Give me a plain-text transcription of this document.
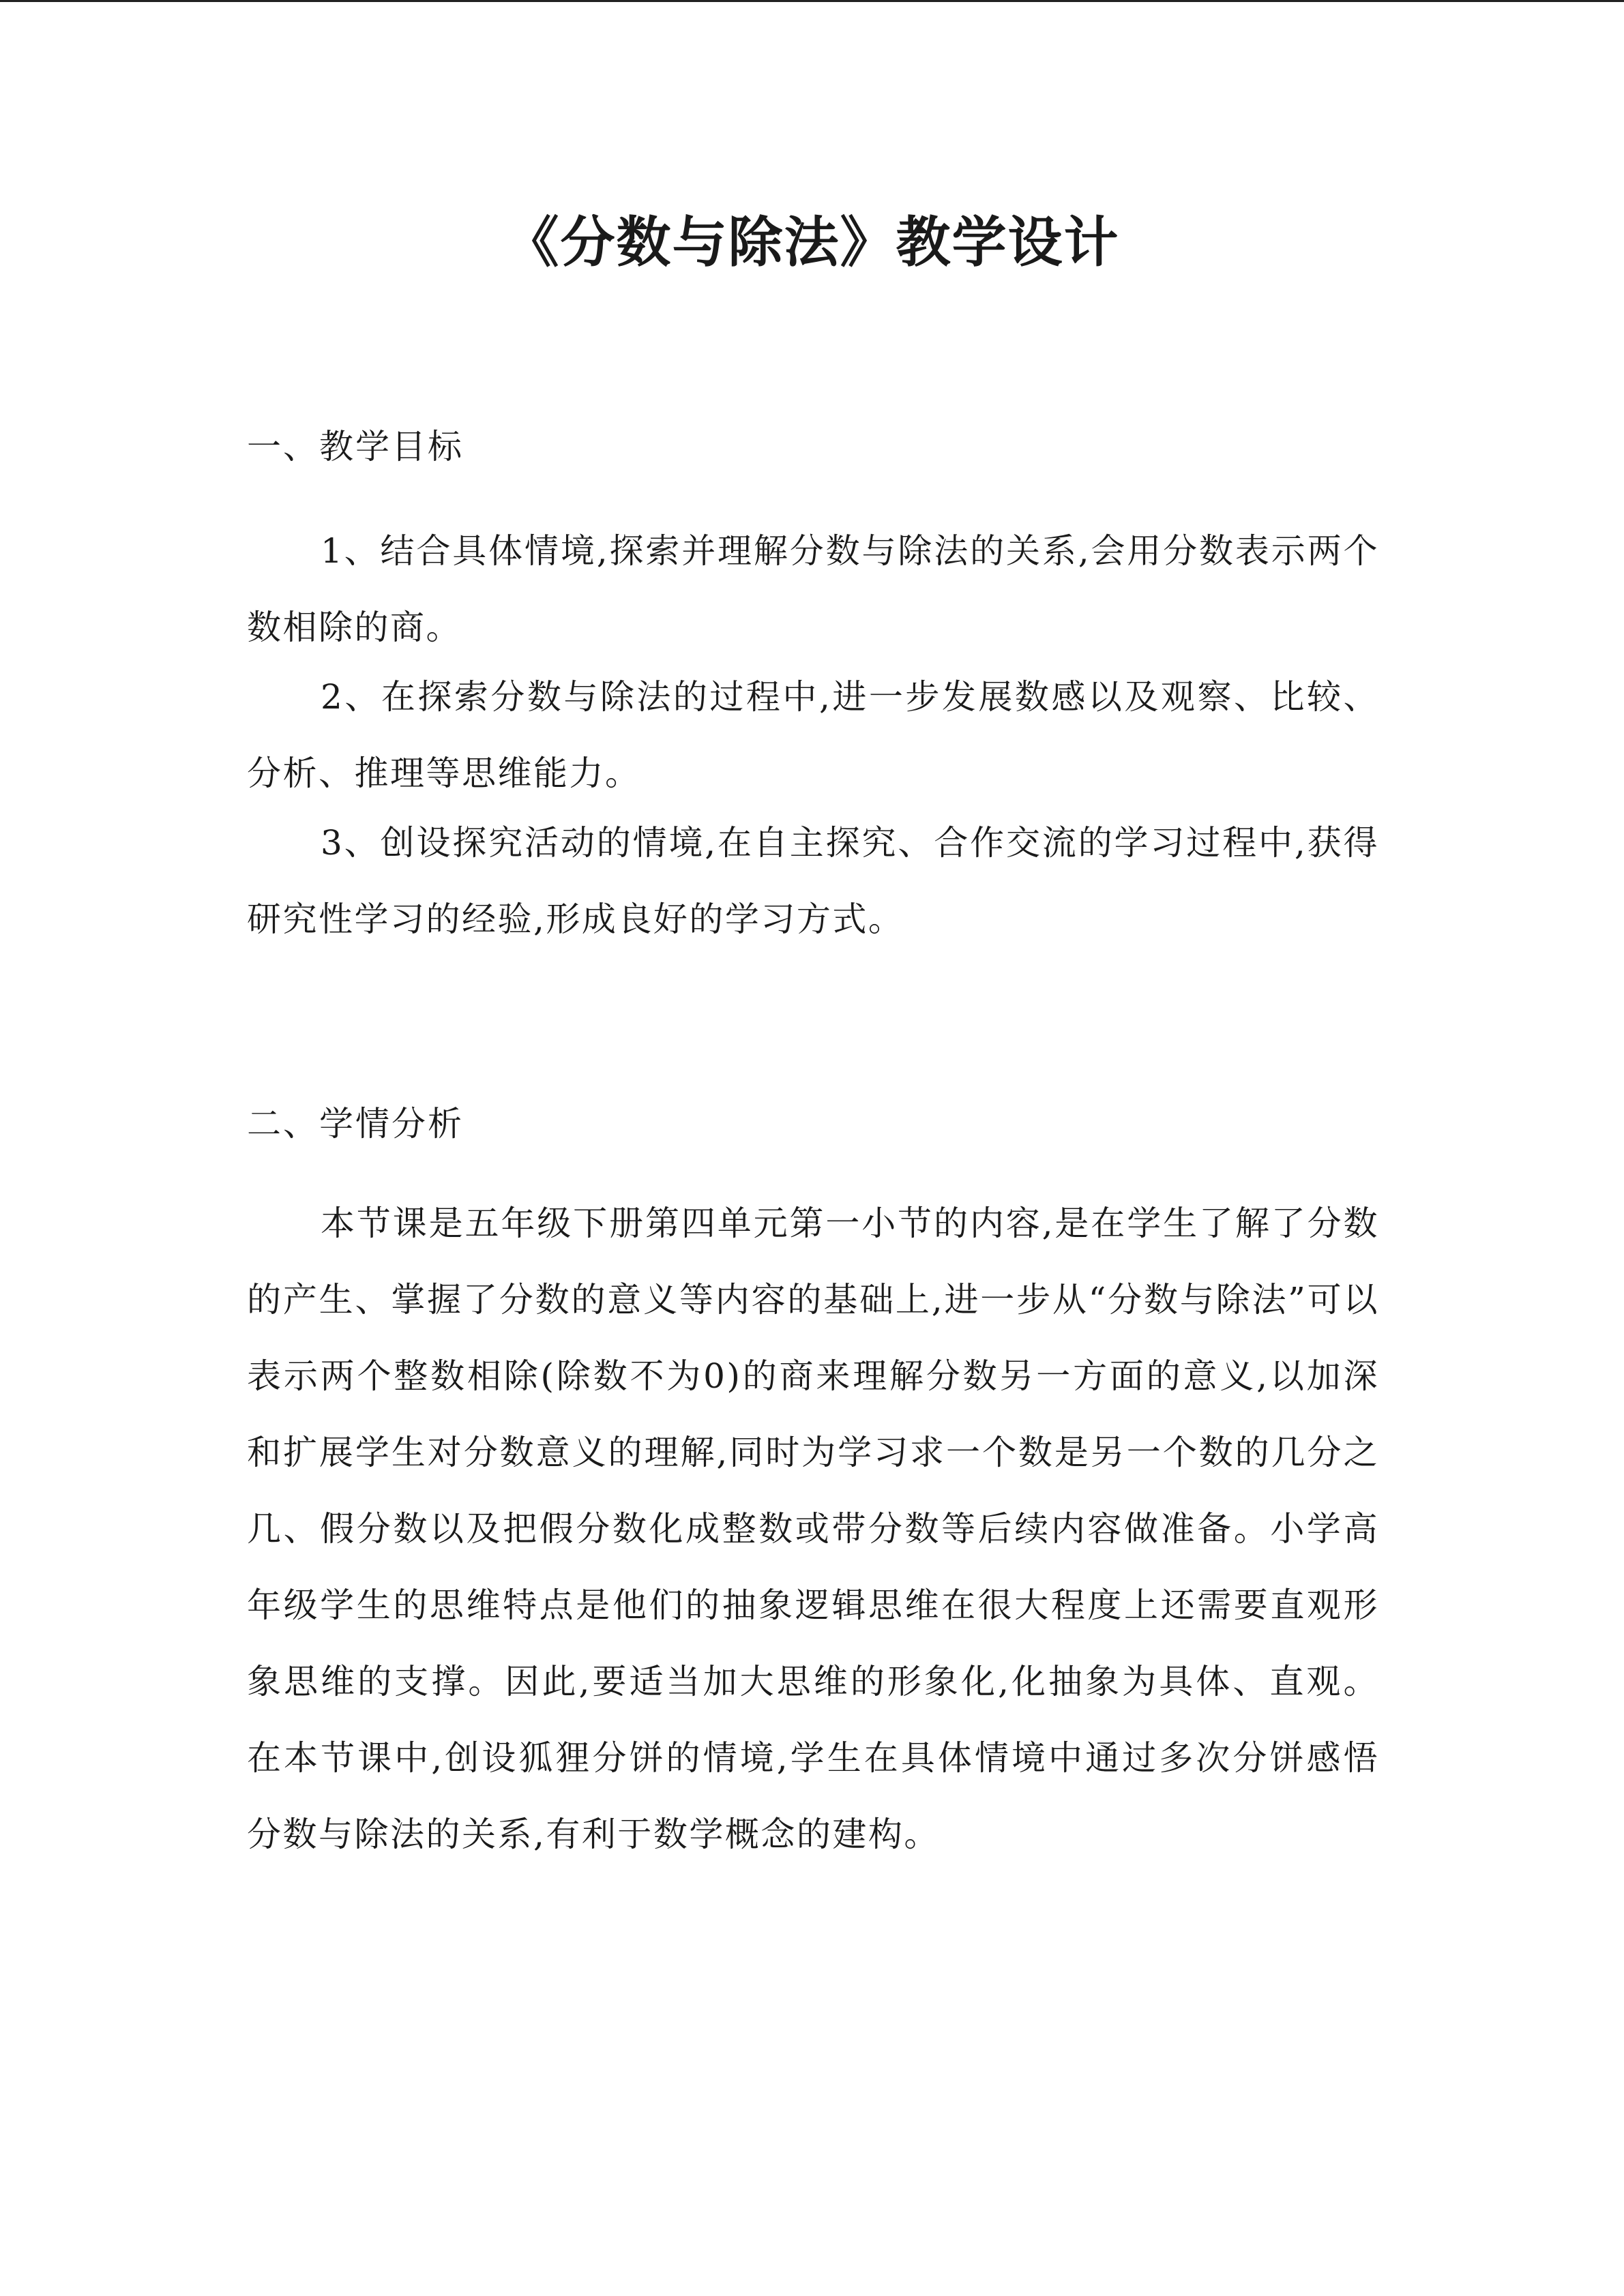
《分数与除法》教学设计
一、教学目标

1、结合具体情境,探索并理解分数与除法的关系,会用分数表示两个数相除的商。

2、在探索分数与除法的过程中,进一步发展数感以及观察、比较、分析、推理等思维能力。

3、创设探究活动的情境,在自主探究、合作交流的学习过程中,获得研究性学习的经验,形成良好的学习方式。

二、学情分析

本节课是五年级下册第四单元第一小节的内容,是在学生了解了分数的产生、掌握了分数的意义等内容的基础上,进一步从“分数与除法”可以表示两个整数相除(除数不为0)的商来理解分数另一方面的意义,以加深和扩展学生对分数意义的理解,同时为学习求一个数是另一个数的几分之几、假分数以及把假分数化成整数或带分数等后续内容做准备。小学高年级学生的思维特点是他们的抽象逻辑思维在很大程度上还需要直观形象思维的支撑。因此,要适当加大思维的形象化,化抽象为具体、直观。在本节课中,创设狐狸分饼的情境,学生在具体情境中通过多次分饼感悟分数与除法的关系,有利于数学概念的建构。
